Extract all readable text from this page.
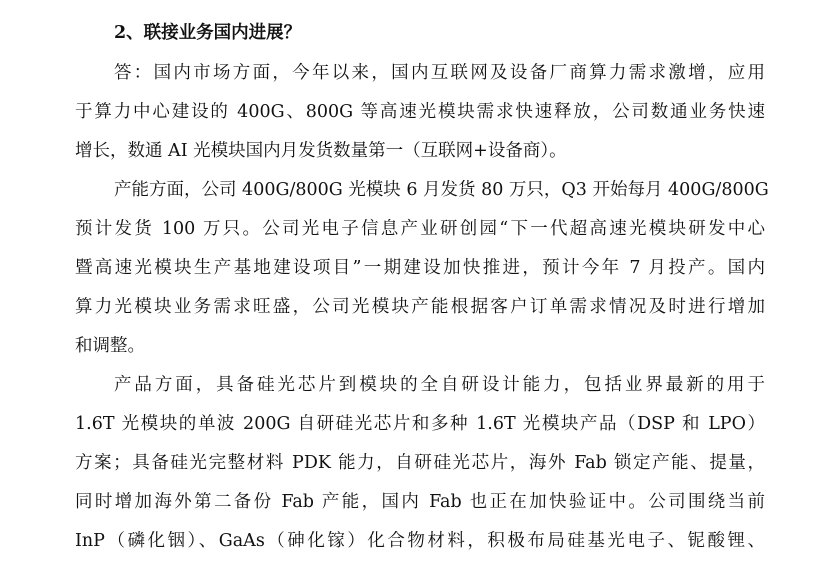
2、联接业务国内进展？
答：国内市场方面，今年以来，国内互联网及设备厂商算力需求激增，应用
于算力中心建设的 400G、800G 等高速光模块需求快速释放，公司数通业务快速
增长，数通 AI 光模块国内月发货数量第一（互联网+设备商）。
产能方面，公司 400G/800G 光模块 6 月发货 80 万只，Q3 开始每月 400G/800G
预计发货 100 万只。公司光电子信息产业研创园“下一代超高速光模块研发中心
暨高速光模块生产基地建设项目”一期建设加快推进，预计今年 7 月投产。国内
算力光模块业务需求旺盛，公司光模块产能根据客户订单需求情况及时进行增加
和调整。
产品方面，具备硅光芯片到模块的全自研设计能力，包括业界最新的用于
1.6T 光模块的单波 200G 自研硅光芯片和多种 1.6T 光模块产品（DSP 和 LPO）
方案；具备硅光完整材料 PDK 能力，自研硅光芯片，海外 Fab 锁定产能、提量，
同时增加海外第二备份 Fab 产能，国内 Fab 也正在加快验证中。公司围绕当前
InP（磷化铟）、GaAs（砷化镓）化合物材料，积极布局硅基光电子、铌酸锂、
